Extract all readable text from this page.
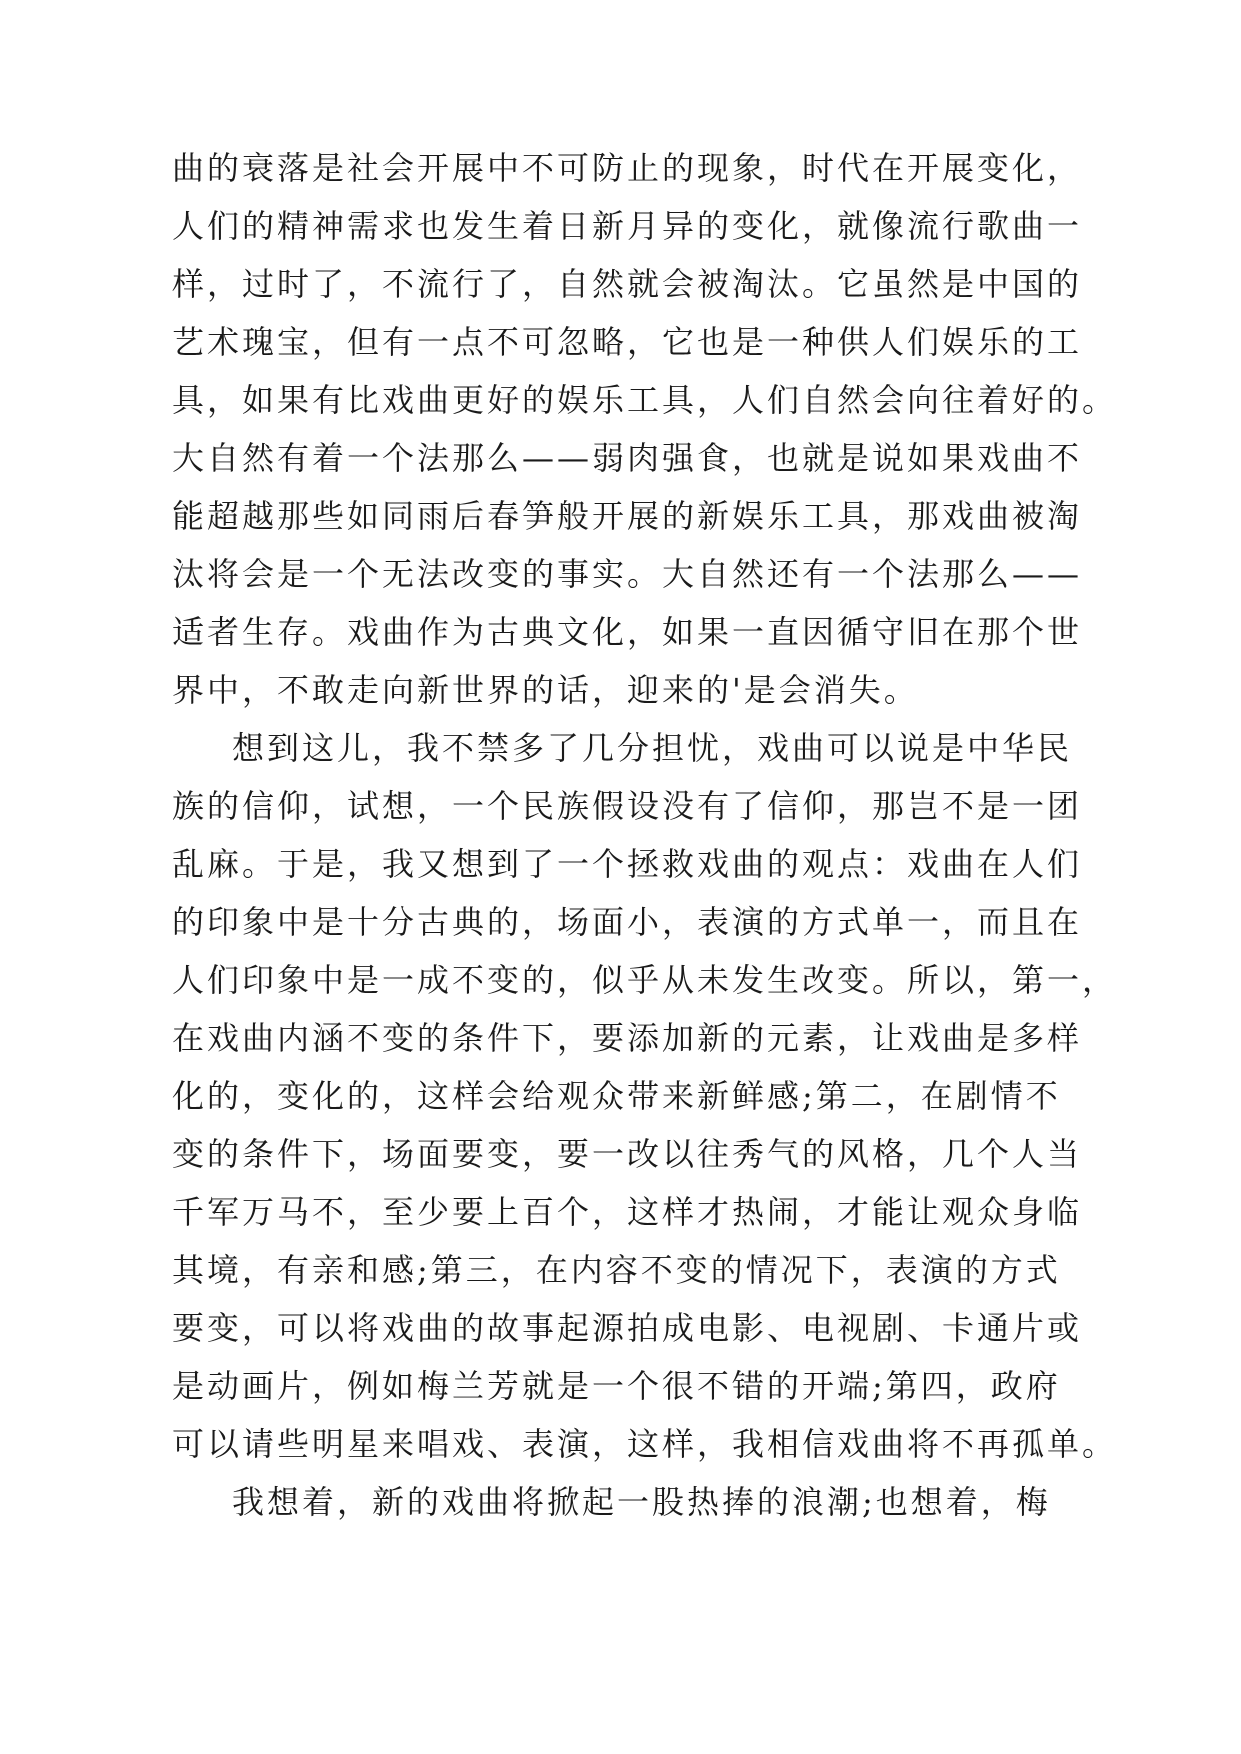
曲的衰落是社会开展中不可防止的现象，时代在开展变化，
人们的精神需求也发生着日新月异的变化，就像流行歌曲一
样，过时了，不流行了，自然就会被淘汰。它虽然是中国的
艺术瑰宝，但有一点不可忽略，它也是一种供人们娱乐的工
具，如果有比戏曲更好的娱乐工具，人们自然会向往着好的。
大自然有着一个法那么——弱肉强食，也就是说如果戏曲不
能超越那些如同雨后春笋般开展的新娱乐工具，那戏曲被淘
汰将会是一个无法改变的事实。大自然还有一个法那么——
适者生存。戏曲作为古典文化，如果一直因循守旧在那个世
界中，不敢走向新世界的话，迎来的'是会消失。
想到这儿，我不禁多了几分担忧，戏曲可以说是中华民
族的信仰，试想，一个民族假设没有了信仰，那岂不是一团
乱麻。于是，我又想到了一个拯救戏曲的观点：戏曲在人们
的印象中是十分古典的，场面小，表演的方式单一，而且在
人们印象中是一成不变的，似乎从未发生改变。所以，第一，
在戏曲内涵不变的条件下，要添加新的元素，让戏曲是多样
化的，变化的，这样会给观众带来新鲜感;第二，在剧情不
变的条件下，场面要变，要一改以往秀气的风格，几个人当
千军万马不，至少要上百个，这样才热闹，才能让观众身临
其境，有亲和感;第三，在内容不变的情况下，表演的方式
要变，可以将戏曲的故事起源拍成电影、电视剧、卡通片或
是动画片，例如梅兰芳就是一个很不错的开端;第四，政府
可以请些明星来唱戏、表演，这样，我相信戏曲将不再孤单。
我想着，新的戏曲将掀起一股热捧的浪潮;也想着，梅
